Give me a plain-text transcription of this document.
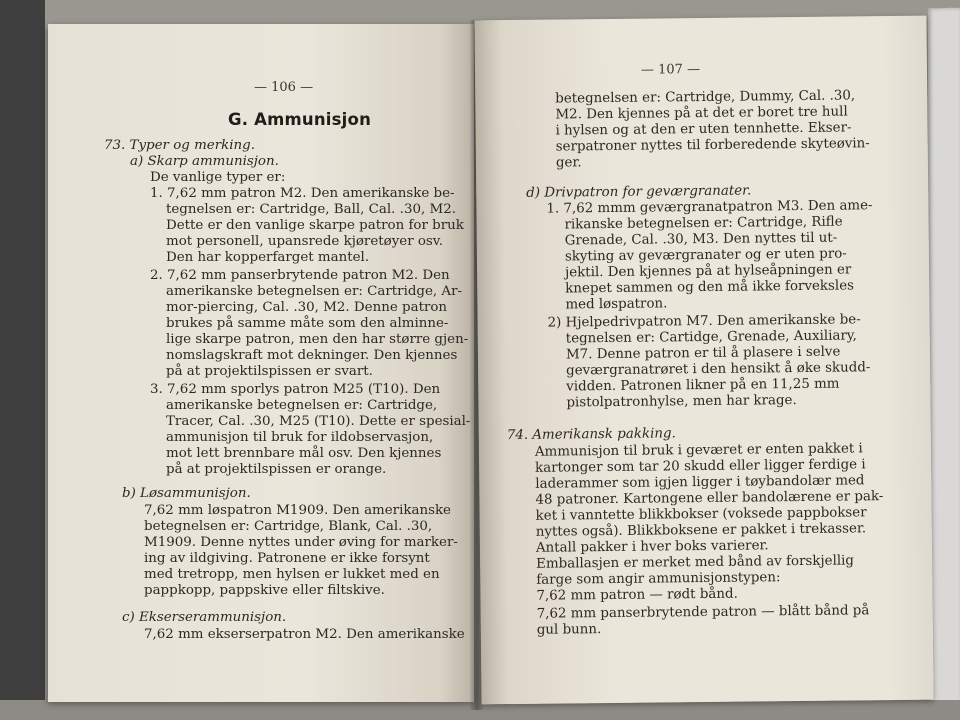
— 106 —
G. Ammunisjon
73. Typer og merking.
a) Skarp ammunisjon.
De vanlige typer er:
1. 7,62 mm patron M2. Den amerikanske be-
tegnelsen er: Cartridge, Ball, Cal. .30, M2.
Dette er den vanlige skarpe patron for bruk
mot personell, upansrede kjøretøyer osv.
Den har kopperfarget mantel.
2. 7,62 mm panserbrytende patron M2. Den
amerikanske betegnelsen er: Cartridge, Ar-
mor-piercing, Cal. .30, M2. Denne patron
brukes på samme måte som den alminne-
lige skarpe patron, men den har større gjen-
nomslagskraft mot dekninger. Den kjennes
på at projektilspissen er svart.
3. 7,62 mm sporlys patron M25 (T10). Den
amerikanske betegnelsen er: Cartridge,
Tracer, Cal. .30, M25 (T10). Dette er spesial-
ammunisjon til bruk for ildobservasjon,
mot lett brennbare mål osv. Den kjennes
på at projektilspissen er orange.
b) Løsammunisjon.
7,62 mm løspatron M1909. Den amerikanske
betegnelsen er: Cartridge, Blank, Cal. .30,
M1909. Denne nyttes under øving for marker-
ing av ildgiving. Patronene er ikke forsynt
med tretropp, men hylsen er lukket med en
pappkopp, pappskive eller filtskive.
c) Ekserserammunisjon.
7,62 mm ekserserpatron M2. Den amerikanske
— 107 —
betegnelsen er: Cartridge, Dummy, Cal. .30,
M2. Den kjennes på at det er boret tre hull
i hylsen og at den er uten tennhette. Ekser-
serpatroner nyttes til forberedende skyteøvin-
ger.
d) Drivpatron for geværgranater.
1. 7,62 mmm geværgranatpatron M3. Den ame-
rikanske betegnelsen er: Cartridge, Rifle
Grenade, Cal. .30, M3. Den nyttes til ut-
skyting av geværgranater og er uten pro-
jektil. Den kjennes på at hylseåpningen er
knepet sammen og den må ikke forveksles
med løspatron.
2) Hjelpedrivpatron M7. Den amerikanske be-
tegnelsen er: Cartidge, Grenade, Auxiliary,
M7. Denne patron er til å plasere i selve
geværgranatrøret i den hensikt å øke skudd-
vidden. Patronen likner på en 11,25 mm
pistolpatronhylse, men har krage.
74. Amerikansk pakking.
Ammunisjon til bruk i geværet er enten pakket i
kartonger som tar 20 skudd eller ligger ferdige i
laderammer som igjen ligger i tøybandolær med
48 patroner. Kartongene eller bandolærene er pak-
ket i vanntette blikkbokser (voksede pappbokser
nyttes også). Blikkboksene er pakket i trekasser.
Antall pakker i hver boks varierer.
Emballasjen er merket med bånd av forskjellig
farge som angir ammunisjonstypen:
7,62 mm patron — rødt bånd.
7,62 mm panserbrytende patron — blått bånd på
gul bunn.
